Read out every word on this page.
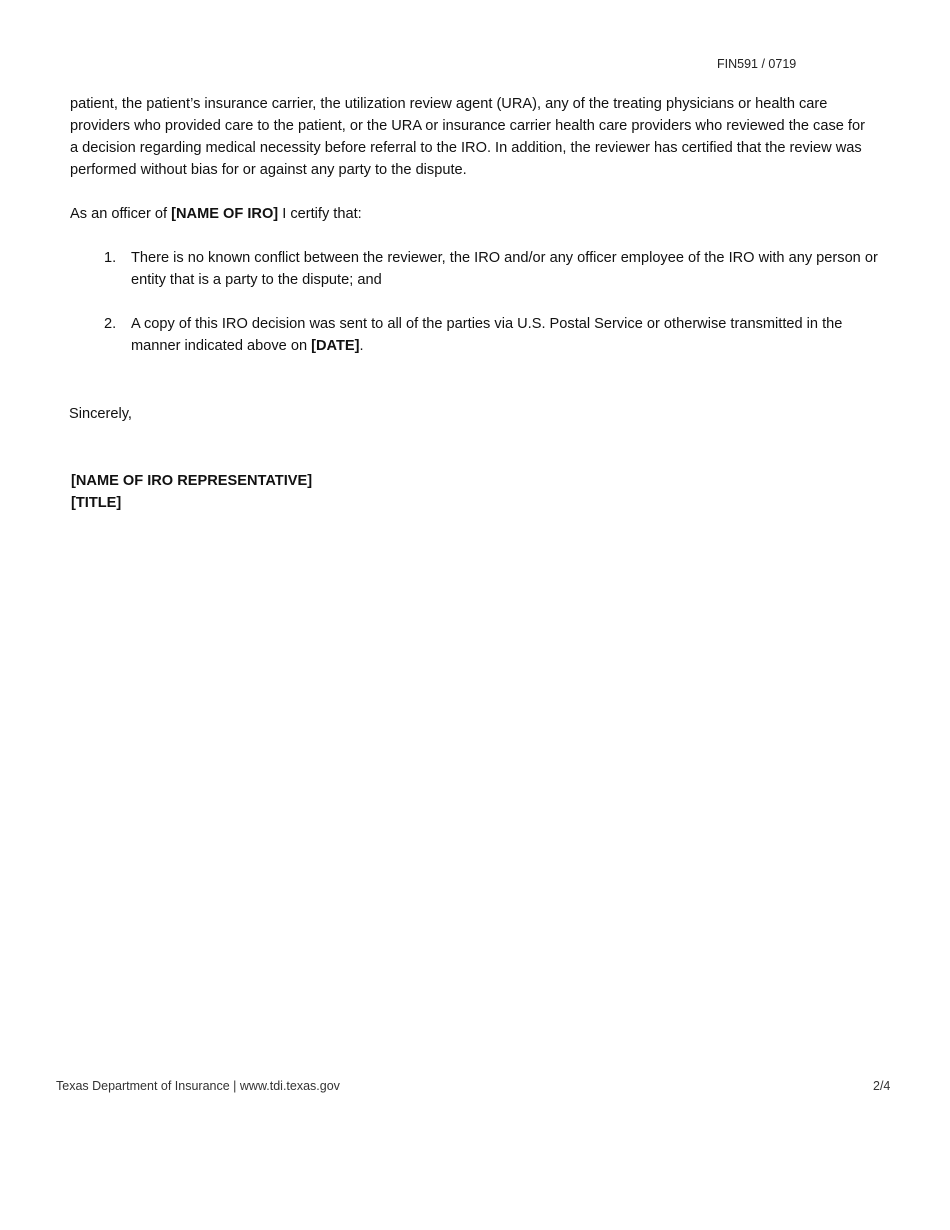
FIN591 / 0719
patient, the patient’s insurance carrier, the utilization review agent (URA), any of the treating physicians or health care providers who provided care to the patient, or the URA or insurance carrier health care providers who reviewed the case for a decision regarding medical necessity before referral to the IRO. In addition, the reviewer has certified that the review was performed without bias for or against any party to the dispute.
As an officer of [NAME OF IRO] I certify that:
1. There is no known conflict between the reviewer, the IRO and/or any officer employee of the IRO with any person or entity that is a party to the dispute; and
2. A copy of this IRO decision was sent to all of the parties via U.S. Postal Service or otherwise transmitted in the manner indicated above on [DATE].
Sincerely,
[NAME OF IRO REPRESENTATIVE]
[TITLE]
Texas Department of Insurance | www.tdi.texas.gov	2/4
